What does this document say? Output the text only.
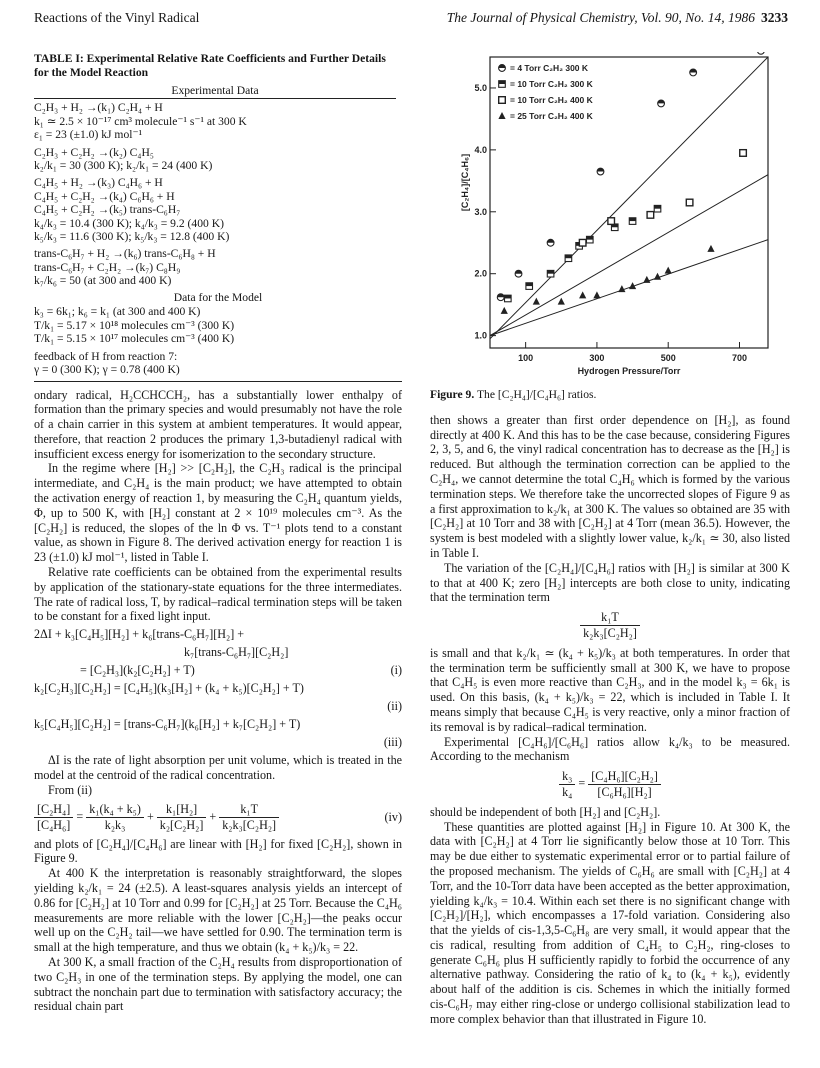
Reactions of the Vinyl Radical	The Journal of Physical Chemistry, Vol. 90, No. 14, 1986 3233
TABLE I: Experimental Relative Rate Coefficients and Further Details for the Model Reaction
Experimental Data
C₂H₃ + H₂ →(k₁) C₂H₄ + H
k₁ ≃ 2.5 × 10⁻¹⁷ cm³ molecule⁻¹ s⁻¹ at 300 K
ε₁ = 23 (±1.0) kJ mol⁻¹
C₂H₃ + C₂H₂ →(k₂) C₄H₅
k₂/k₁ = 30 (300 K); k₂/k₁ = 24 (400 K)
C₄H₅ + H₂ →(k₃) C₄H₆ + H
C₄H₅ + C₂H₂ →(k₄) C₆H₆ + H
C₄H₅ + C₂H₂ →(k₅) trans-C₆H₇
k₄/k₃ = 10.4 (300 K); k₄/k₃ = 9.2 (400 K)
k₅/k₃ = 11.6 (300 K); k₅/k₃ = 12.8 (400 K)
trans-C₆H₇ + H₂ →(k₆) trans-C₆H₈ + H
trans-C₆H₇ + C₂H₂ →(k₇) C₈H₉
k₇/k₆ = 50 (at 300 and 400 K)
Data for the Model
k₃ = 6k₁; k₆ = k₁ (at 300 and 400 K)
T/k₁ = 5.17 × 10¹⁸ molecules cm⁻³ (300 K)
T/k₁ = 5.15 × 10¹⁷ molecules cm⁻³ (400 K)
feedback of H from reaction 7:
γ = 0 (300 K); γ = 0.78 (400 K)

ondary radical, H₂CCHCCH₂, has a substantially lower enthalpy of formation than the primary species and would presumably not have the role of a chain carrier in this system at ambient temperatures. It would appear, therefore, that reaction 2 produces the primary 1,3-butadienyl radical with insufficient excess energy for isomerization to the secondary structure.

In the regime where [H₂] >> [C₂H₂], the C₂H₃ radical is the principal intermediate, and C₂H₄ is the main product; we have attempted to obtain the activation energy of reaction 1, by measuring the C₂H₄ quantum yields, Φ, up to 500 K, with [H₂] constant at 2 × 10¹⁹ molecules cm⁻³. As the [C₂H₂] is reduced, the slopes of the ln Φ vs. T⁻¹ plots tend to a constant value, as shown in Figure 8. The derived activation energy for reaction 1 is 23 (±1.0) kJ mol⁻¹, listed in Table I.

Relative rate coefficients can be obtained from the experimental results by application of the stationary-state equations for the three intermediates. The rate of radical loss, T, by radical–radical termination steps will be taken to be constant for a fixed light input.

2ΔI + k₃[C₄H₅][H₂] + k₆[trans-C₆H₇][H₂] +
k₇[trans-C₆H₇][C₂H₂]
= [C₂H₃](k₂[C₂H₂] + T)	(i)
k₂[C₂H₃][C₂H₂] = [C₄H₅](k₃[H₂] + (k₄ + k₅)[C₂H₂] + T)
(ii)
k₅[C₄H₅][C₂H₂] = [trans-C₆H₇](k₆[H₂] + k₇[C₂H₂] + T)
(iii)

ΔI is the rate of light absorption per unit volume, which is treated in the model at the centroid of the radical concentration.

From (ii)

$\frac{\text{[C₂H₄]}}{\text{[C₄H₆]}} = \frac{\text{k₁(k₄ + k₅)}}{\text{k₂k₃}} + \frac{\text{k₁[H₂]}}{\text{k₂[C₂H₂]}} + \frac{\text{k₁T}}{\text{k₂k₃[C₂H₂]}}$	(iv)

and plots of [C₂H₄]/[C₄H₆] are linear with [H₂] for fixed [C₂H₂], shown in Figure 9.

At 400 K the interpretation is reasonably straightforward, the slopes yielding k₂/k₁ = 24 (±2.5). A least-squares analysis yields an intercept of 0.86 for [C₂H₂] at 10 Torr and 0.99 for [C₂H₂] at 25 Torr. Because the C₄H₆ measurements are more reliable with the lower [C₂H₂]—the peaks occur well up on the C₂H₂ tail—we have settled for 0.90. The termination term is small at the high temperature, and thus we obtain (k₄ + k₅)/k₃ = 22.

At 300 K, a small fraction of the C₂H₄ results from disproportionation of two C₂H₃ in one of the termination steps. By applying the model, one can subtract the nonchain part due to termination with satisfactory accuracy; the residual chain part

100	300	500	700
1.0
2.0
3.0
4.0
5.0
Hydrogen Pressure/Torr
[C₂H₄]/[C₄H₆]
= 4 Torr C₂H₂ 300 K
= 10 Torr C₂H₂ 300 K
= 10 Torr C₂H₂ 400 K
= 25 Torr C₂H₂ 400 K
Figure 9. The [C₂H₄]/[C₄H₆] ratios.

then shows a greater than first order dependence on [H₂], as found directly at 400 K. And this has to be the case because, considering Figures 2, 3, 5, and 6, the vinyl radical concentration has to decrease as the [H₂] is reduced. But although the termination correction can be applied to the C₂H₄, we cannot determine the total C₄H₆ which is formed by the various termination steps. We therefore take the uncorrected slopes of Figure 9 as a first approximation to k₂/k₁ at 300 K. The values so obtained are 35 with [C₂H₂] at 10 Torr and 38 with [C₂H₂] at 4 Torr (mean 36.5). However, the system is best modeled with a slightly lower value, k₂/k₁ ≃ 30, also listed in Table I.

The variation of the [C₂H₄]/[C₄H₆] ratios with [H₂] is similar at 300 K to that at 400 K; zero [H₂] intercepts are both close to unity, indicating that the termination term

$\frac{\text{k₁T}}{\text{k₂k₃[C₂H₂]}}$

is small and that k₂/k₁ ≃ (k₄ + k₅)/k₃ at both temperatures. In order that the termination term be sufficiently small at 300 K, we have to propose that C₄H₅ is even more reactive than C₂H₃, and in the model k₃ = 6k₁ is used. On this basis, (k₄ + k₅)/k₃ = 22, which is included in Table I. It means simply that because C₄H₅ is very reactive, only a minor fraction of its removal is by radical–radical termination.

Experimental [C₄H₆]/[C₆H₆] ratios allow k₄/k₃ to be measured. According to the mechanism

$\frac{\text{k₃}}{\text{k₄}} = \frac{\text{[C₄H₆][C₂H₂]}}{\text{[C₆H₆][H₂]}}$

should be independent of both [H₂] and [C₂H₂].

These quantities are plotted against [H₂] in Figure 10. At 300 K, the data with [C₂H₂] at 4 Torr lie significantly below those at 10 Torr. This may be due either to systematic experimental error or to partial failure of the proposed mechanism. The yields of C₆H₆ are small with [C₂H₂] at 4 Torr, and the 10-Torr data have been accepted as the better approximation, yielding k₄/k₃ = 10.4. Within each set there is no significant change with [C₂H₂]/[H₂], which encompasses a 17-fold variation. Considering also that the yields of cis-1,3,5-C₆H₈ are very small, it would appear that the cis radical, resulting from addition of C₄H₅ to C₂H₂, ring-closes to generate C₆H₆ plus H sufficiently rapidly to forbid the occurrence of any alternative pathway. Considering the ratio of k₄ to (k₄ + k₅), evidently about half of the addition is cis. Schemes in which the initially formed cis-C₆H₇ may either ring-close or undergo collisional stabilization lead to more complex behavior than that illustrated in Figure 10.
